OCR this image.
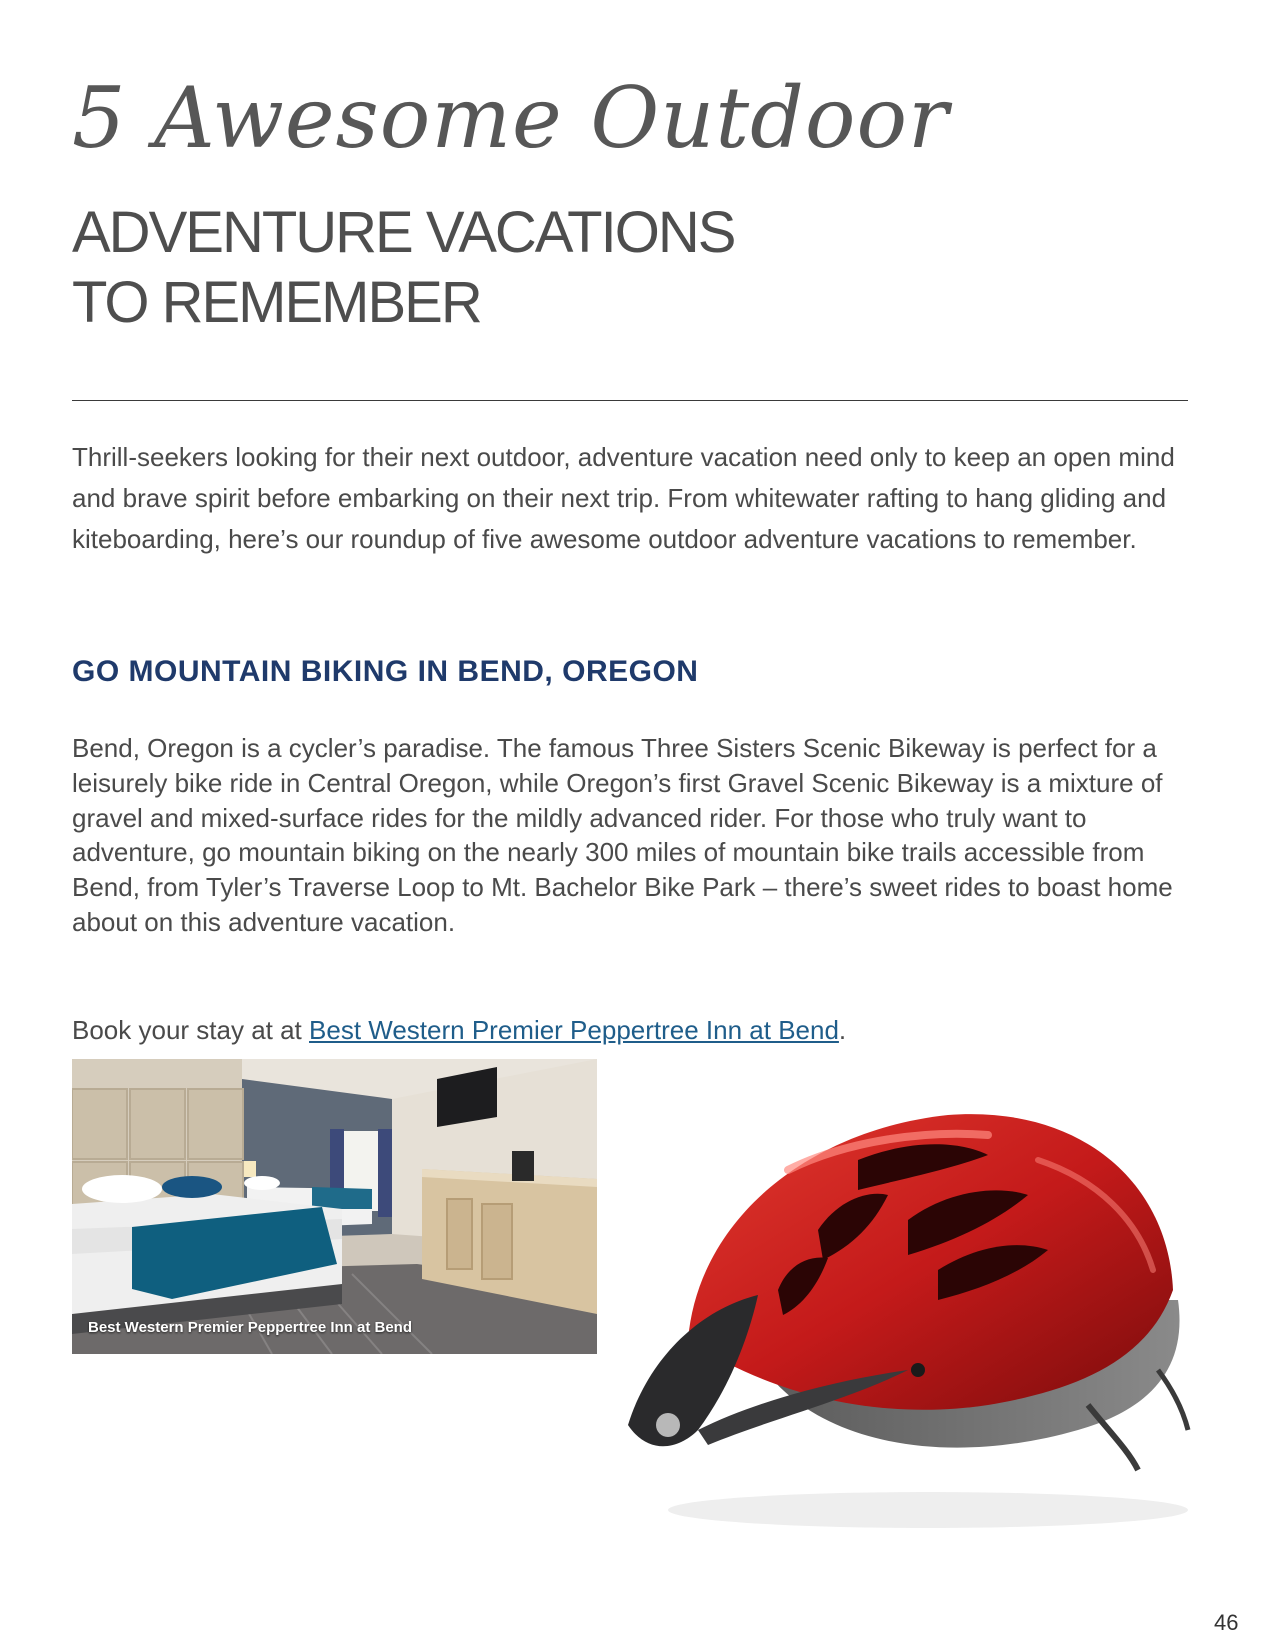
5 Awesome Outdoor
ADVENTURE VACATIONS
TO REMEMBER

Thrill-seekers looking for their next outdoor, adventure vacation need only to keep an open mind and brave spirit before embarking on their next trip. From whitewater rafting to hang gliding and kiteboarding, here’s our roundup of five awesome outdoor adventure vacations to remember.

GO MOUNTAIN BIKING IN BEND, OREGON

Bend, Oregon is a cycler’s paradise. The famous Three Sisters Scenic Bikeway is perfect for a leisurely bike ride in Central Oregon, while Oregon’s first Gravel Scenic Bikeway is a mixture of gravel and mixed-surface rides for the mildly advanced rider. For those who truly want to adventure, go mountain biking on the nearly 300 miles of mountain bike trails accessible from Bend, from Tyler’s Traverse Loop to Mt. Bachelor Bike Park – there’s sweet rides to boast home about on this adventure vacation.

Book your stay at at Best Western Premier Peppertree Inn at Bend.

Best Western Premier Peppertree Inn at Bend
46
